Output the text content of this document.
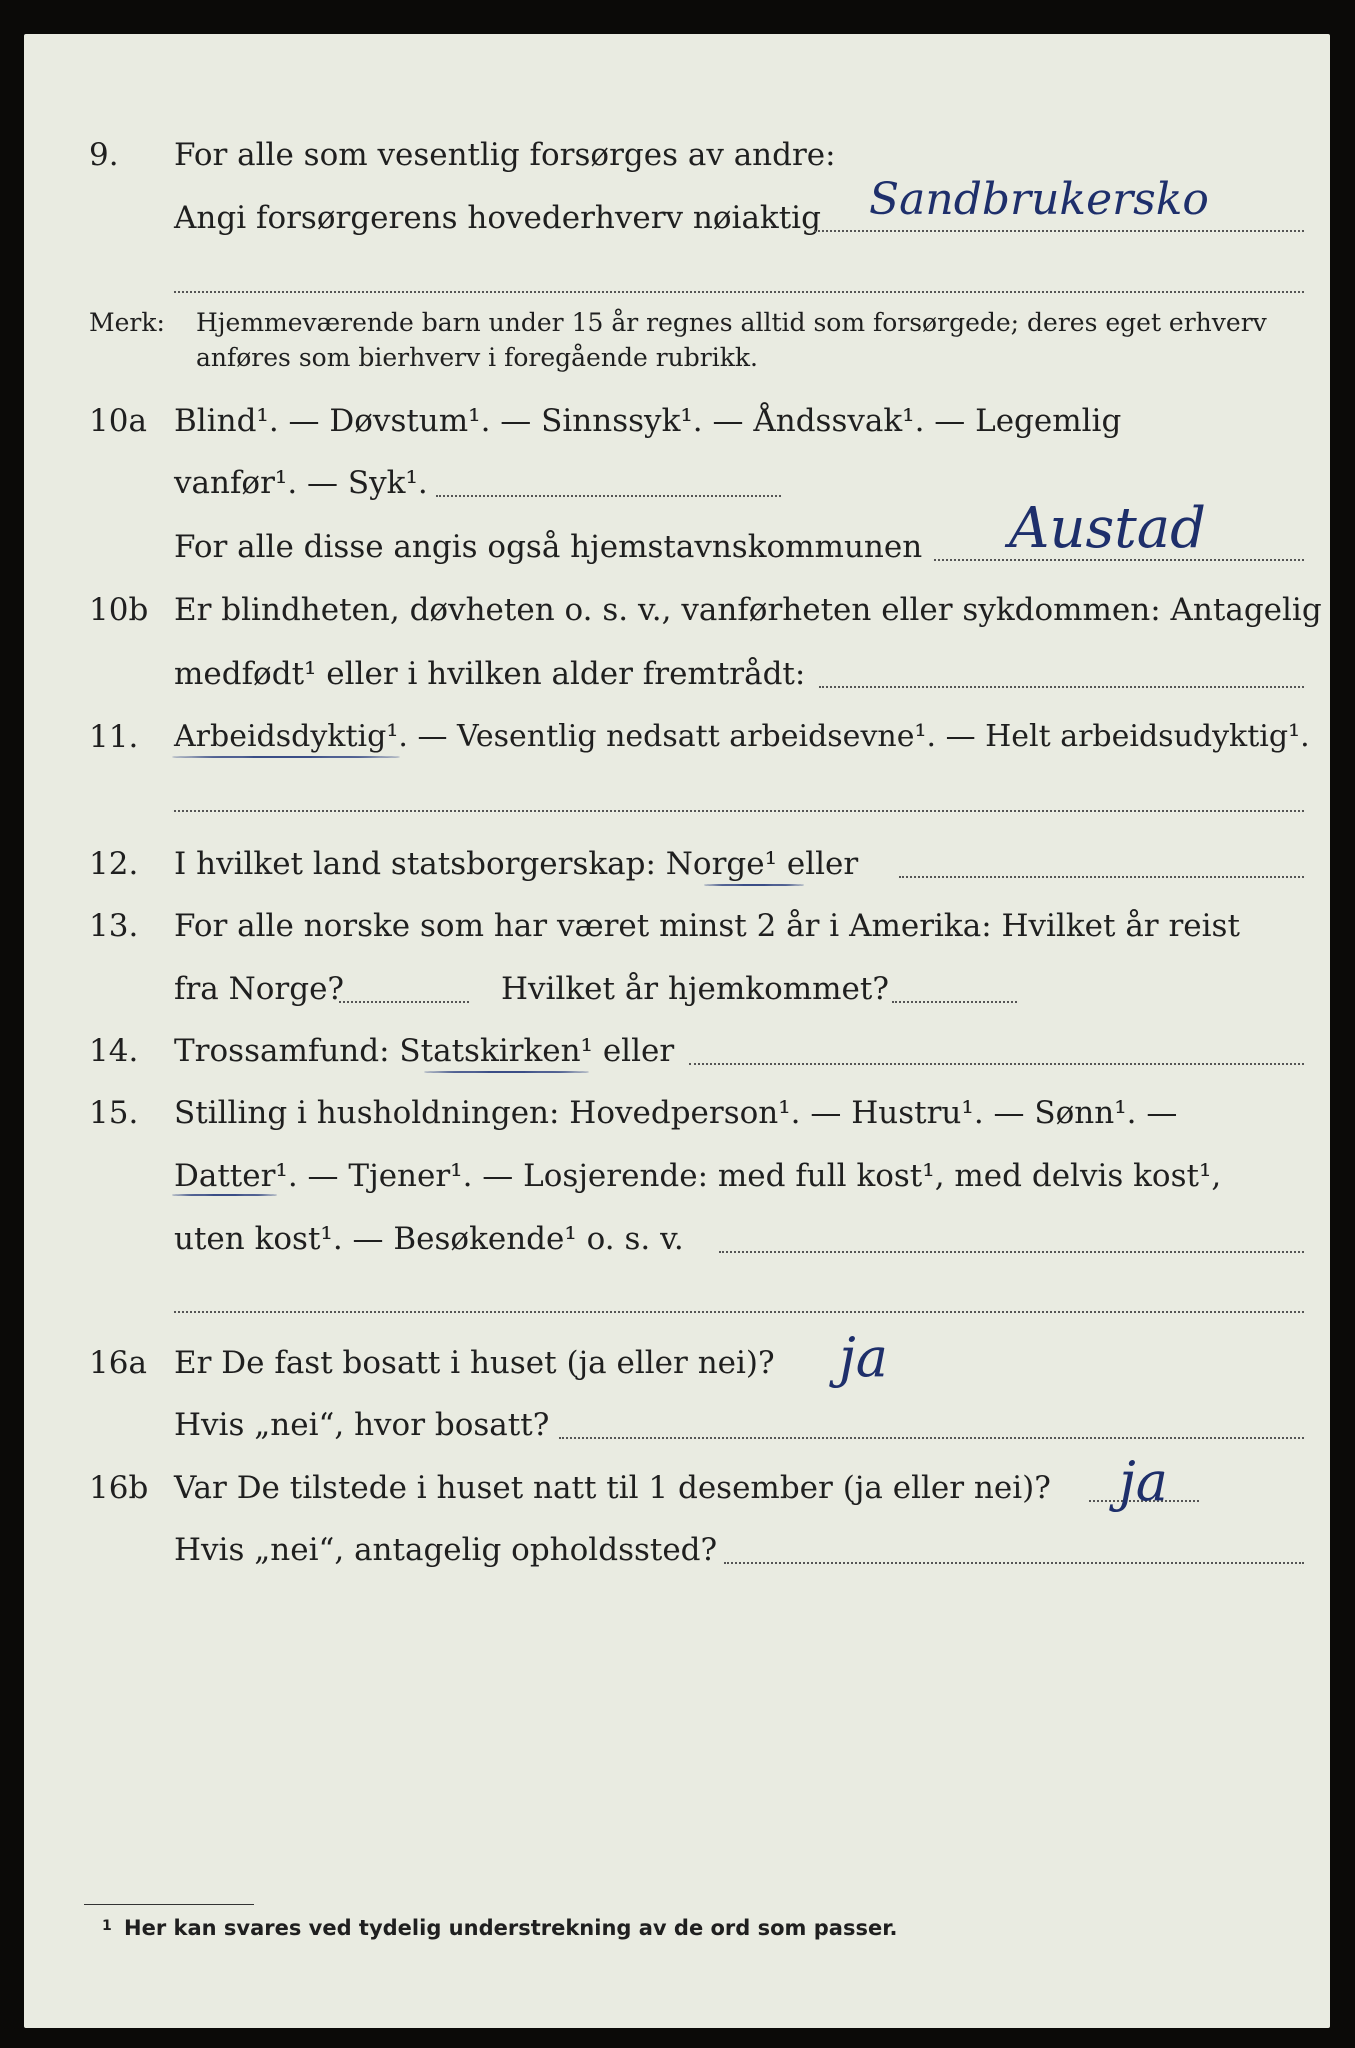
9. For alle som vesentlig forsørges av andre:
Angi forsørgerens hovederhverv nøiaktig Sandbrukersko
Merk: Hjemmeværende barn under 15 år regnes alltid som forsørgede; deres eget erhverv
anføres som bierhverv i foregående rubrikk.
10a Blind¹. — Døvstum¹. — Sinnssyk¹. — Åndssvak¹. — Legemlig
vanfør¹. — Syk¹.
For alle disse angis også hjemstavnskommunen Austad
10b Er blindheten, døvheten o. s. v., vanførheten eller sykdommen: Antagelig
medfødt¹ eller i hvilken alder fremtrådt:
11. Arbeidsdyktig¹. — Vesentlig nedsatt arbeidsevne¹. — Helt arbeidsudyktig¹.
12. I hvilket land statsborgerskap: Norge¹ eller
13. For alle norske som har været minst 2 år i Amerika: Hvilket år reist
fra Norge?	Hvilket år hjemkommet?
14. Trossamfund: Statskirken¹ eller
15. Stilling i husholdningen: Hovedperson¹. — Hustru¹. — Sønn¹. —
Datter¹. — Tjener¹. — Losjerende: med full kost¹, med delvis kost¹,
uten kost¹. — Besøkende¹ o. s. v.
16a Er De fast bosatt i huset (ja eller nei)? ja
Hvis „nei“, hvor bosatt?
16b Var De tilstede i huset natt til 1 desember (ja eller nei)? ja
Hvis „nei“, antagelig opholdssted?
1 Her kan svares ved tydelig understrekning av de ord som passer.
